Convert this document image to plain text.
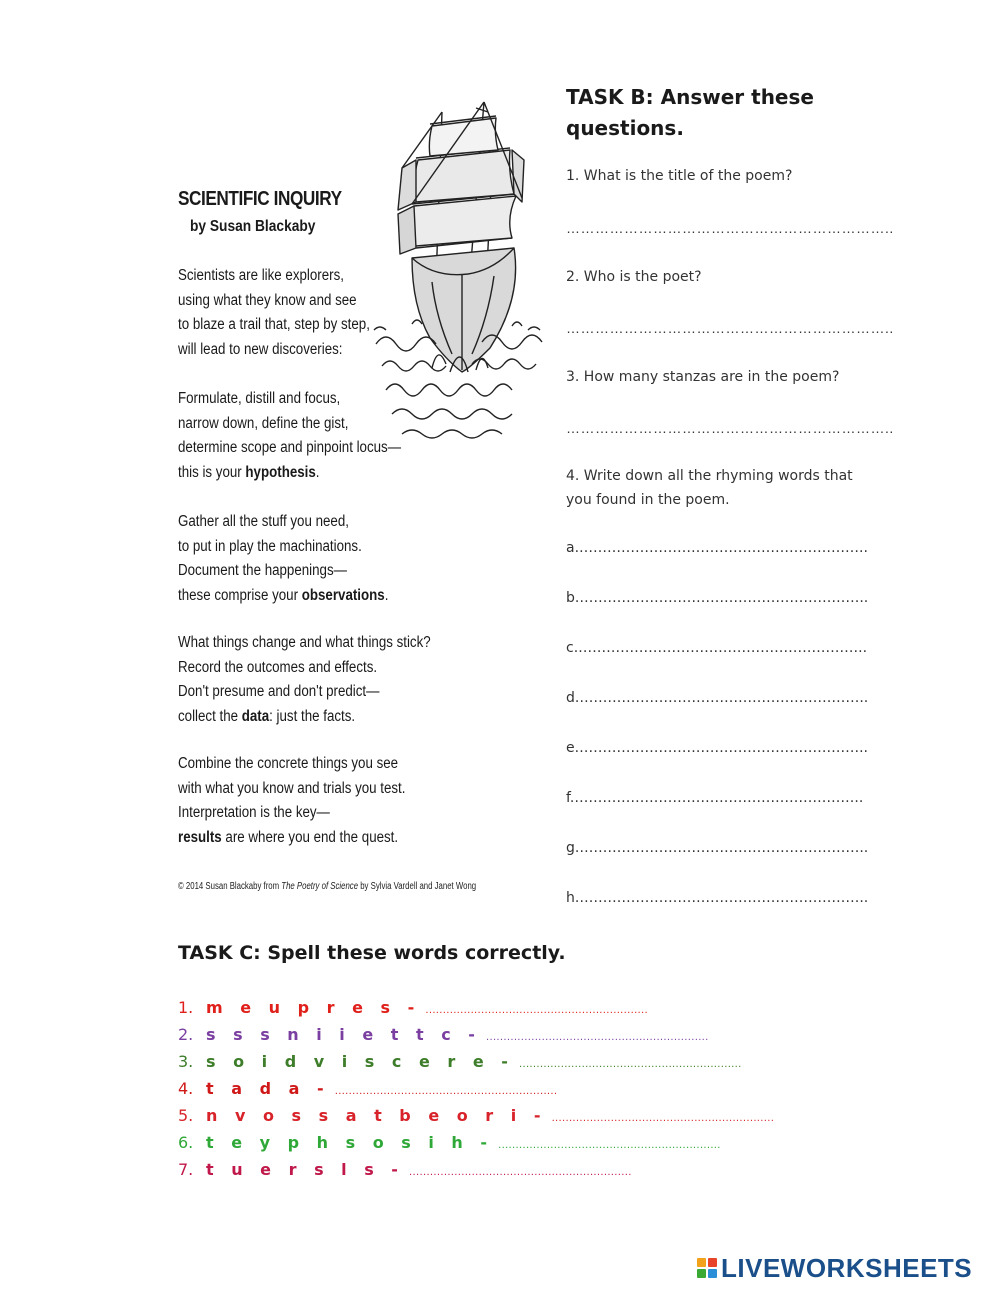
SCIENTIFIC INQUIRY
by Susan Blackaby
Scientists are like explorers,
using what they know and see
to blaze a trail that, step by step,
will lead to new discoveries:
Formulate, distill and focus,
narrow down, define the gist,
determine scope and pinpoint locus—
this is your hypothesis.
Gather all the stuff you need,
to put in play the machinations.
Document the happenings—
these comprise your observations.
What things change and what things stick?
Record the outcomes and effects.
Don't presume and don't predict—
collect the data: just the facts.
Combine the concrete things you see
with what you know and trials you test.
Interpretation is the key—
results are where you end the quest.
© 2014 Susan Blackaby from The Poetry of Science by Sylvia Vardell and Janet Wong
TASK B: Answer these
questions.
1. What is the title of the poem?
…………………………………………………………..
2. Who is the poet?
…………………………………………………………..
3. How many stanzas are in the poem?
…………………………………………………………..
4. Write down all the rhyming words that
you found in the poem.
a.……………………………………………………..
b.……………………………………………………..
c.……………………………………………………..
d.……………………………………………………..
e.……………………………………………………..
f.……………………………………………………..
g.……………………………………………………..
h.……………………………………………………..
TASK C: Spell these words correctly.
1. m e u p r e s - ................................................................
2. s s s n i i e t t c - ................................................................
3. s o i d v i s c e r e - ................................................................
4. t a d a - ................................................................
5. n v o s s a t b e o r i - ................................................................
6. t e y p h s o s i h - ................................................................
7. t u e r s l s - ................................................................
LIVEWORKSHEETS
